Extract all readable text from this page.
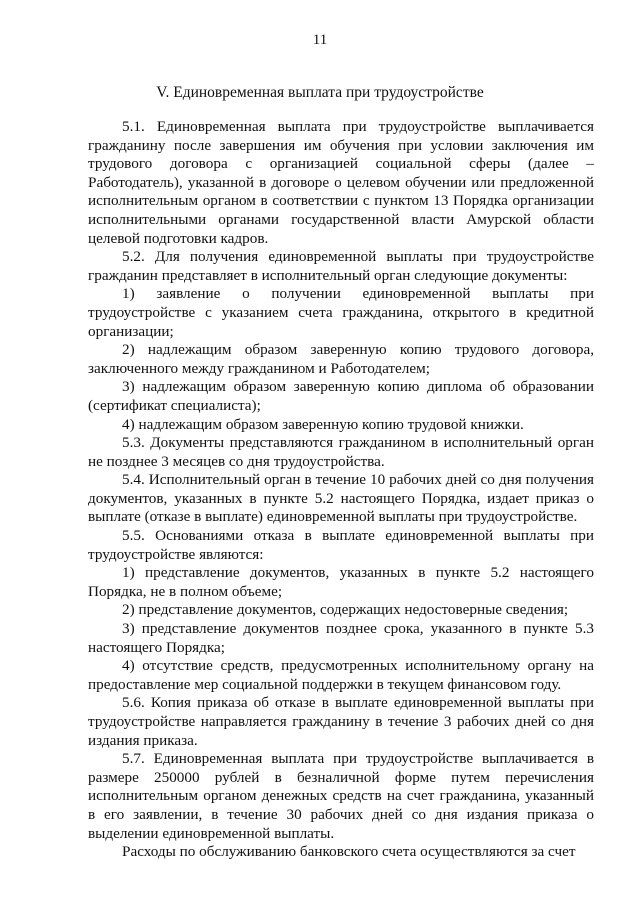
11
V. Единовременная выплата при трудоустройстве

5.1. Единовременная выплата при трудоустройстве выплачивается гражданину после завершения им обучения при условии заключения им трудового договора с организацией социальной сферы (далее – Работодатель), указанной в договоре о целевом обучении или предложенной исполнительным органом в соответствии с пунктом 13 Порядка организации исполнительными органами государственной власти Амурской области целевой подготовки кадров.

5.2. Для получения единовременной выплаты при трудоустройстве гражданин представляет в исполнительный орган следующие документы:

1) заявление о получении единовременной выплаты при трудоустройстве с указанием счета гражданина, открытого в кредитной организации;

2) надлежащим образом заверенную копию трудового договора, заключенного между гражданином и Работодателем;

3) надлежащим образом заверенную копию диплома об образовании (сертификат специалиста);

4) надлежащим образом заверенную копию трудовой книжки.

5.3. Документы представляются гражданином в исполнительный орган не позднее 3 месяцев со дня трудоустройства.

5.4. Исполнительный орган в течение 10 рабочих дней со дня получения документов, указанных в пункте 5.2 настоящего Порядка, издает приказ о выплате (отказе в выплате) единовременной выплаты при трудоустройстве.

5.5. Основаниями отказа в выплате единовременной выплаты при трудоустройстве являются:

1) представление документов, указанных в пункте 5.2 настоящего Порядка, не в полном объеме;

2) представление документов, содержащих недостоверные сведения;

3) представление документов позднее срока, указанного в пункте 5.3 настоящего Порядка;

4) отсутствие средств, предусмотренных исполнительному органу на предоставление мер социальной поддержки в текущем финансовом году.

5.6. Копия приказа об отказе в выплате единовременной выплаты при трудоустройстве направляется гражданину в течение 3 рабочих дней со дня издания приказа.

5.7. Единовременная выплата при трудоустройстве выплачивается в размере 250000 рублей в безналичной форме путем перечисления исполнительным органом денежных средств на счет гражданина, указанный в его заявлении, в течение 30 рабочих дней со дня издания приказа о выделении единовременной выплаты.

Расходы по обслуживанию банковского счета осуществляются за счет
